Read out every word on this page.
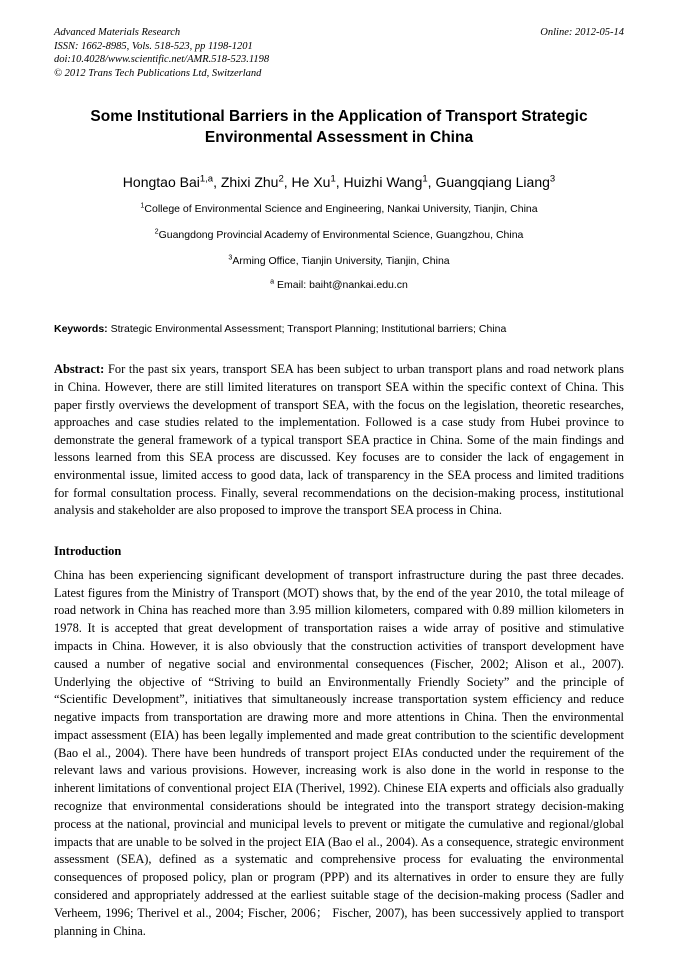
Advanced Materials Research	Online: 2012-05-14
ISSN: 1662-8985, Vols. 518-523, pp 1198-1201
doi:10.4028/www.scientific.net/AMR.518-523.1198
© 2012 Trans Tech Publications Ltd, Switzerland
Some Institutional Barriers in the Application of Transport Strategic Environmental Assessment in China
Hongtao Bai$^{1,a}$, Zhixi Zhu$^2$, He Xu$^1$, Huizhi Wang$^1$, Guangqiang Liang$^3$
$^1$College of Environmental Science and Engineering, Nankai University, Tianjin, China
$^2$Guangdong Provincial Academy of Environmental Science, Guangzhou, China
$^3$Arming Office, Tianjin University, Tianjin, China
$^a$ Email: baiht@nankai.edu.cn
Keywords: Strategic Environmental Assessment; Transport Planning; Institutional barriers; China
Abstract: For the past six years, transport SEA has been subject to urban transport plans and road network plans in China. However, there are still limited literatures on transport SEA within the specific context of China. This paper firstly overviews the development of transport SEA, with the focus on the legislation, theoretic researches, approaches and case studies related to the implementation. Followed is a case study from Hubei province to demonstrate the general framework of a typical transport SEA practice in China. Some of the main findings and lessons learned from this SEA process are discussed. Key focuses are to consider the lack of engagement in environmental issue, limited access to good data, lack of transparency in the SEA process and limited traditions for formal consultation process. Finally, several recommendations on the decision-making process, institutional analysis and stakeholder are also proposed to improve the transport SEA process in China.
Introduction
China has been experiencing significant development of transport infrastructure during the past three decades. Latest figures from the Ministry of Transport (MOT) shows that, by the end of the year 2010, the total mileage of road network in China has reached more than 3.95 million kilometers, compared with 0.89 million kilometers in 1978. It is accepted that great development of transportation raises a wide array of positive and stimulative impacts in China. However, it is also obviously that the construction activities of transport development have caused a number of negative social and environmental consequences (Fischer, 2002; Alison et al., 2007). Underlying the objective of “Striving to build an Environmentally Friendly Society” and the principle of “Scientific Development”, initiatives that simultaneously increase transportation system efficiency and reduce negative impacts from transportation are drawing more and more attentions in China. Then the environmental impact assessment (EIA) has been legally implemented and made great contribution to the scientific development (Bao el al., 2004). There have been hundreds of transport project EIAs conducted under the requirement of the relevant laws and various provisions. However, increasing work is also done in the world in response to the inherent limitations of conventional project EIA (Therivel, 1992). Chinese EIA experts and officials also gradually recognize that environmental considerations should be integrated into the transport strategy decision-making process at the national, provincial and municipal levels to prevent or mitigate the cumulative and regional/global impacts that are unable to be solved in the project EIA (Bao el al., 2004). As a consequence, strategic environment assessment (SEA), defined as a systematic and comprehensive process for evaluating the environmental consequences of proposed policy, plan or program (PPP) and its alternatives in order to ensure they are fully considered and appropriately addressed at the earliest suitable stage of the decision-making process (Sadler and Verheem, 1996; Therivel et al., 2004; Fischer, 2006； Fischer, 2007), has been successively applied to transport planning in China.
